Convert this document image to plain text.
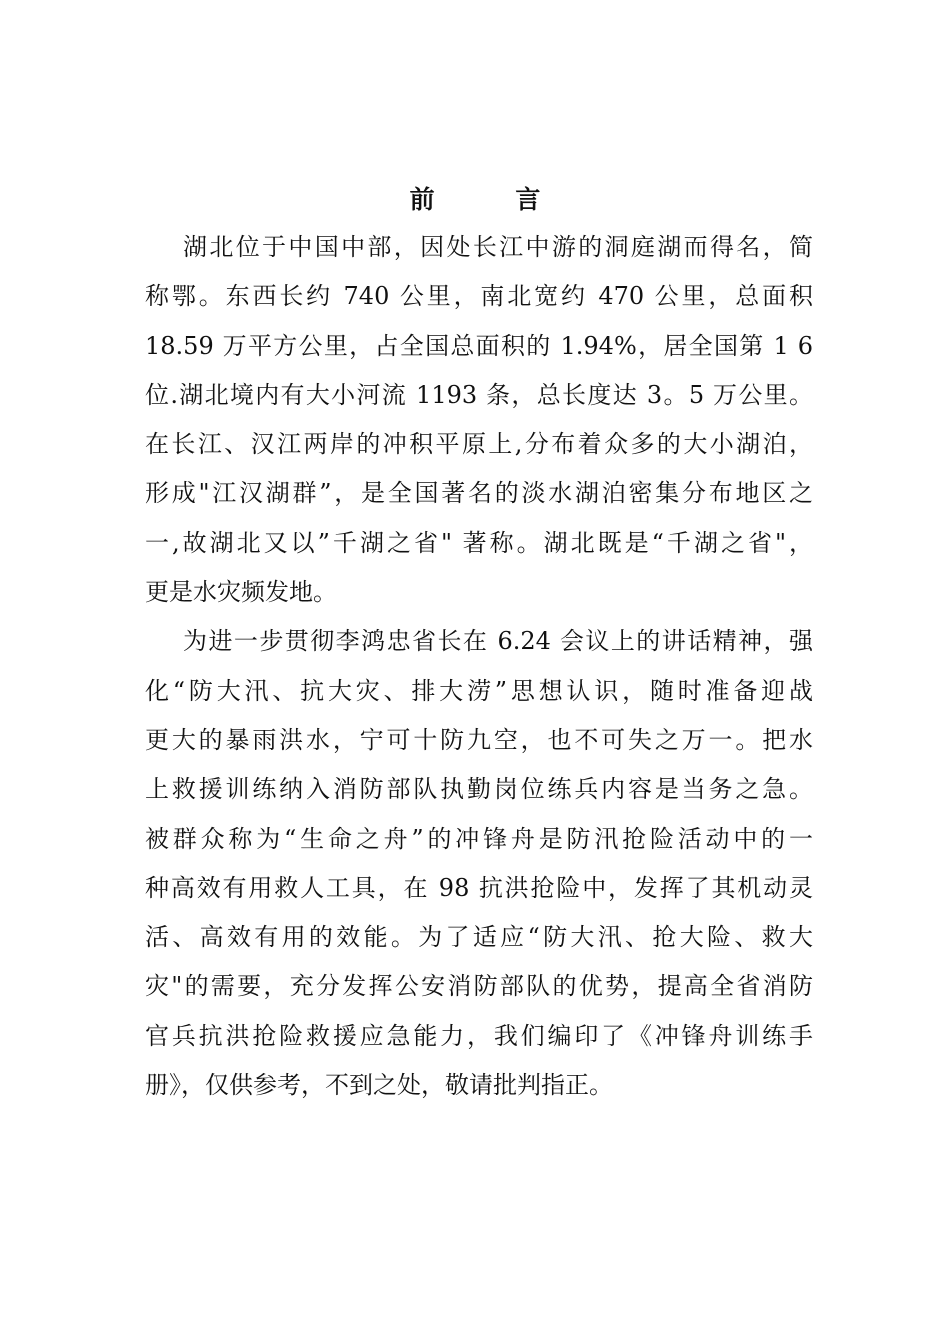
前 言
湖北位于中国中部，因处长江中游的洞庭湖而得名，简
称鄂。东西长约 740 公里，南北宽约 470 公里，总面积
18.59 万平方公里，占全国总面积的 1.94%，居全国第 1 6
位.湖北境内有大小河流 1193 条，总长度达 3。5 万公里。
在长江、汉江两岸的冲积平原上,分布着众多的大小湖泊，
形成"江汉湖群”，是全国著名的淡水湖泊密集分布地区之
一,故湖北又以”千湖之省" 著称。湖北既是“千湖之省"，
更是水灾频发地。
为进一步贯彻李鸿忠省长在 6.24 会议上的讲话精神，强
化“防大汛、抗大灾、排大涝”思想认识，随时准备迎战
更大的暴雨洪水，宁可十防九空，也不可失之万一。把水
上救援训练纳入消防部队执勤岗位练兵内容是当务之急。
被群众称为“生命之舟”的冲锋舟是防汛抢险活动中的一
种高效有用救人工具，在 98 抗洪抢险中，发挥了其机动灵
活、高效有用的效能。为了适应“防大汛、抢大险、救大
灾"的需要，充分发挥公安消防部队的优势，提高全省消防
官兵抗洪抢险救援应急能力，我们编印了《冲锋舟训练手
册》，仅供参考，不到之处，敬请批判指正。
